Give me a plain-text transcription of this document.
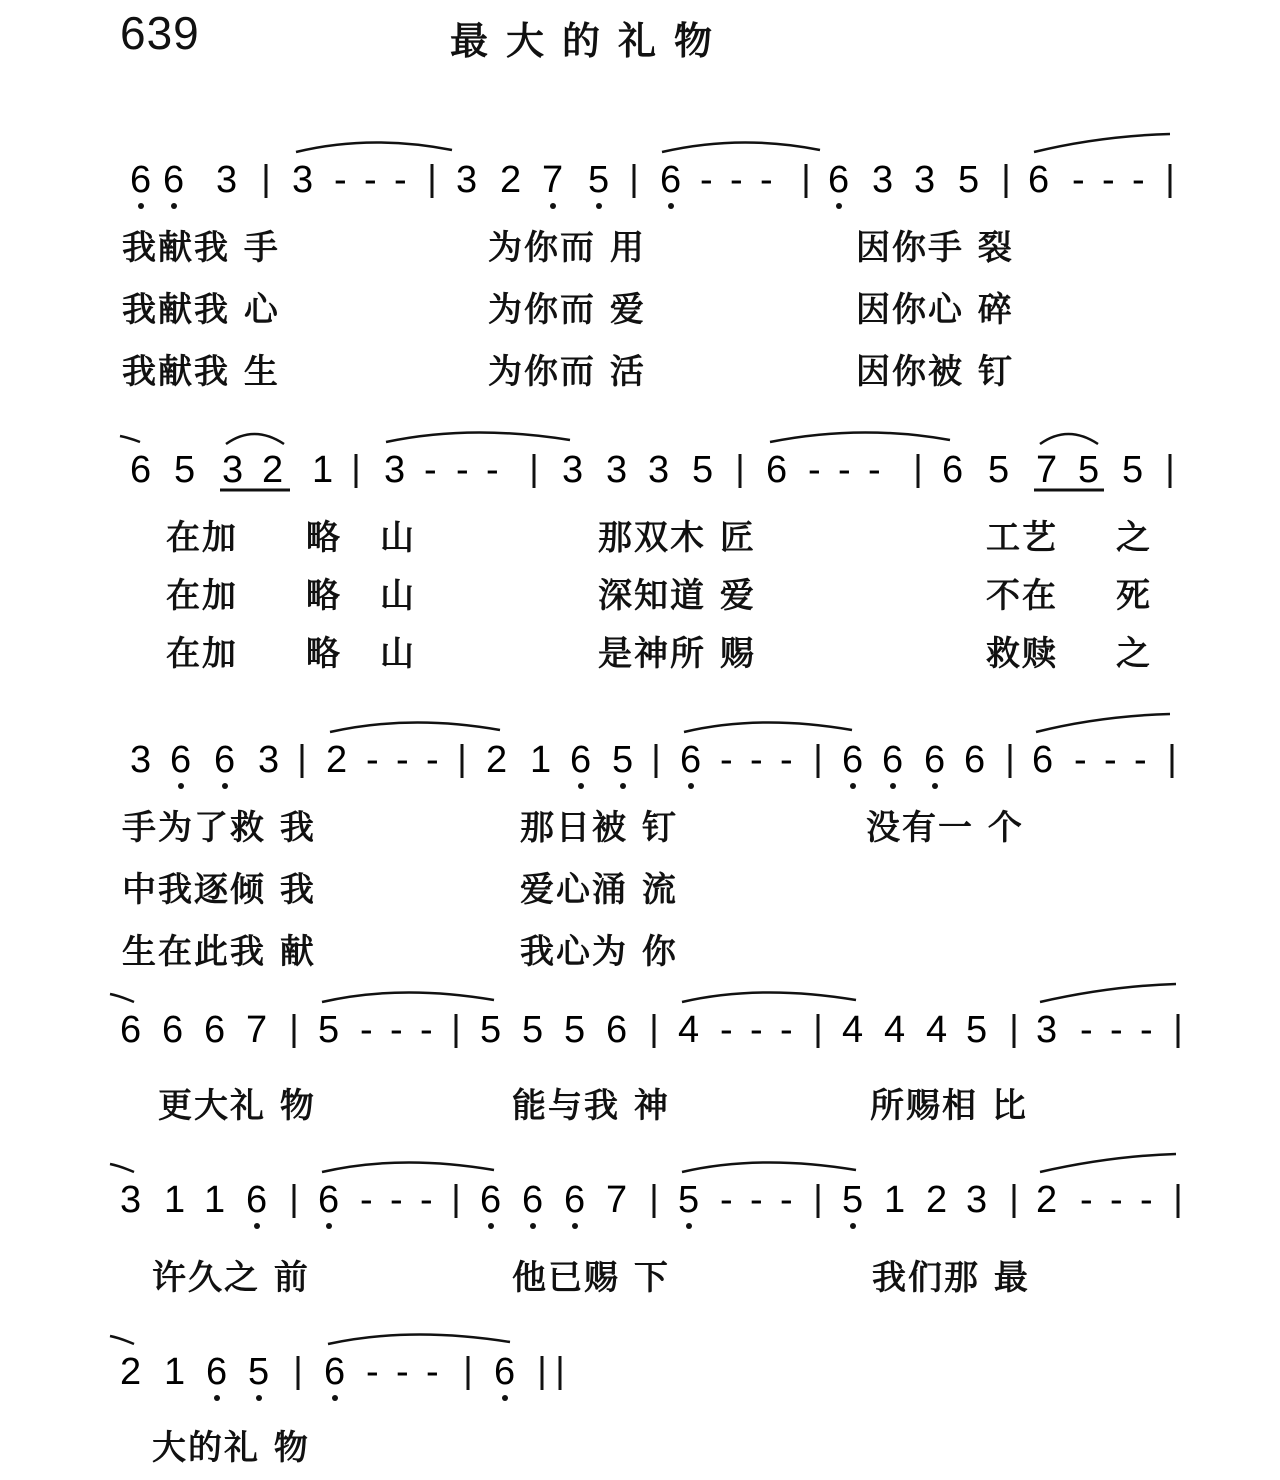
639	最大的礼物
6 6 3 3 - - - 3 2 7 5 6 - - - 6 3 3 5 6 - - -
我献我 手	为你而 用	因你手 裂
我献我 心	为你而 爱	因你心 碎
我献我 生	为你而 活	因你被 钉
6 5 3 2 1 3 - - - 3 3 3 5 6 - - - 6 5 7 5 5
在加 略 山	那双木 匠	工艺 之
在加 略 山	深知道 爱	不在 死
在加 略 山	是神所 赐	救赎 之
3 6 6 3 2 - - - 2 1 6 5 6 - - - 6 6 6 6 6 - - -
手为了救 我	那日被 钉	没有一 个
中我逐倾 我	爱心涌 流
生在此我 献	我心为 你
6 6 6 7 5 - - - 5 5 5 6 4 - - - 4 4 4 5 3 - - -
更大礼 物	能与我 神	所赐相 比
3 1 1 6 6 - - - 6 6 6 7 5 - - - 5 1 2 3 2 - - -
许久之 前	他已赐 下	我们那 最
2 1 6 5 6 - - - 6
大的礼 物
